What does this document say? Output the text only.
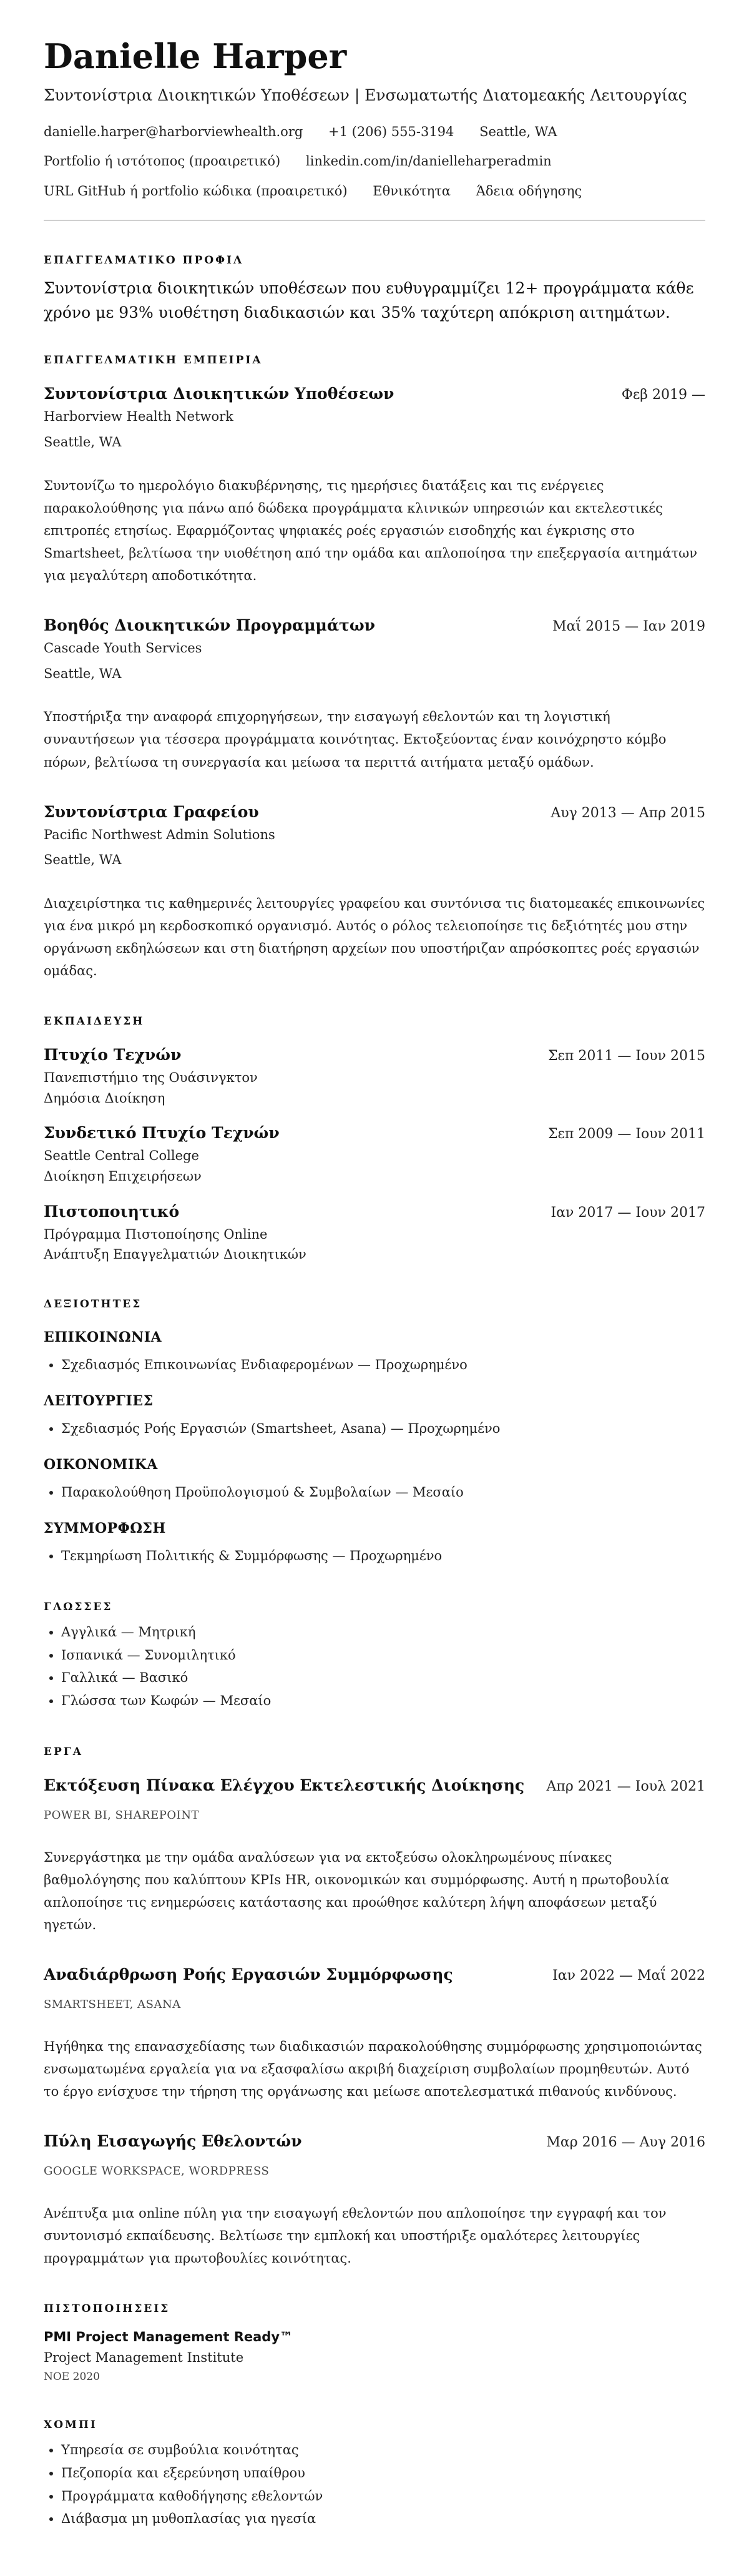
Danielle Harper
Συντονίστρια Διοικητικών Υποθέσεων | Ενσωματωτής Διατομεακής Λειτουργίας
danielle.harper@harborviewhealth.org +1 (206) 555-3194 Seattle, WA
Portfolio ή ιστότοπος (προαιρετικό) linkedin.com/in/danielleharperadmin
URL GitHub ή portfolio κώδικα (προαιρετικό) Εθνικότητα Άδεια οδήγησης
ΕΠΑΓΓΕΛΜΑΤΙΚΟ ΠΡΟΦΙΛ

Συντονίστρια διοικητικών υποθέσεων που ευθυγραμμίζει 12+ προγράμματα κάθε χρόνο με 93% υιοθέτηση διαδικασιών και 35% ταχύτερη απόκριση αιτημάτων.

ΕΠΑΓΓΕΛΜΑΤΙΚΗ ΕΜΠΕΙΡΙΑ
Συντονίστρια Διοικητικών Υποθέσεων	Φεβ 2019 —
Harborview Health Network
Seattle, WA

Συντονίζω το ημερολόγιο διακυβέρνησης, τις ημερήσιες διατάξεις και τις ενέργειες παρακολούθησης για πάνω από δώδεκα προγράμματα κλινικών υπηρεσιών και εκτελεστικές επιτροπές ετησίως. Εφαρμόζοντας ψηφιακές ροές εργασιών εισοδηχής και έγκρισης στο Smartsheet, βελτίωσα την υιοθέτηση από την ομάδα και απλοποίησα την επεξεργασία αιτημάτων για μεγαλύτερη αποδοτικότητα.

Βοηθός Διοικητικών Προγραμμάτων	Μαΐ 2015 — Ιαν 2019
Cascade Youth Services
Seattle, WA

Υποστήριξα την αναφορά επιχορηγήσεων, την εισαγωγή εθελοντών και τη λογιστική συναυτήσεων για τέσσερα προγράμματα κοινότητας. Εκτοξεύοντας έναν κοινόχρηστο κόμβο πόρων, βελτίωσα τη συνεργασία και μείωσα τα περιττά αιτήματα μεταξύ ομάδων.

Συντονίστρια Γραφείου	Αυγ 2013 — Απρ 2015
Pacific Northwest Admin Solutions
Seattle, WA

Διαχειρίστηκα τις καθημερινές λειτουργίες γραφείου και συντόνισα τις διατομεακές επικοινωνίες για ένα μικρό μη κερδοσκοπικό οργανισμό. Αυτός ο ρόλος τελειοποίησε τις δεξιότητές μου στην οργάνωση εκδηλώσεων και στη διατήρηση αρχείων που υποστήριζαν απρόσκοπτες ροές εργασιών ομάδας.

ΕΚΠΑΙΔΕΥΣΗ
Πτυχίο Τεχνών	Σεπ 2011 — Ιουν 2015
Πανεπιστήμιο της Ουάσινγκτον
Δημόσια Διοίκηση
Συνδετικό Πτυχίο Τεχνών	Σεπ 2009 — Ιουν 2011
Seattle Central College
Διοίκηση Επιχειρήσεων
Πιστοποιητικό	Ιαν 2017 — Ιουν 2017
Πρόγραμμα Πιστοποίησης Online
Ανάπτυξη Επαγγελματιών Διοικητικών
ΔΕΞΙΟΤΗΤΕΣ
ΕΠΙΚΟΙΝΩΝΙΑ
• Σχεδιασμός Επικοινωνίας Ενδιαφερομένων — Προχωρημένο
ΛΕΙΤΟΥΡΓΙΕΣ
• Σχεδιασμός Ροής Εργασιών (Smartsheet, Asana) — Προχωρημένο
ΟΙΚΟΝΟΜΙΚΑ
• Παρακολούθηση Προϋπολογισμού & Συμβολαίων — Μεσαίο
ΣΥΜΜΟΡΦΩΣΗ
• Τεκμηρίωση Πολιτικής & Συμμόρφωσης — Προχωρημένο
ΓΛΩΣΣΕΣ
• Αγγλικά — Μητρική
• Ισπανικά — Συνομιλητικό
• Γαλλικά — Βασικό
• Γλώσσα των Κωφών — Μεσαίο
ΕΡΓΑ
Εκτόξευση Πίνακα Ελέγχου Εκτελεστικής Διοίκησης Απρ 2021 — Ιουλ 2021
POWER BI, SHAREPOINT

Συνεργάστηκα με την ομάδα αναλύσεων για να εκτοξεύσω ολοκληρωμένους πίνακες βαθμολόγησης που καλύπτουν KPIs HR, οικονομικών και συμμόρφωσης. Αυτή η πρωτοβουλία απλοποίησε τις ενημερώσεις κατάστασης και προώθησε καλύτερη λήψη αποφάσεων μεταξύ ηγετών.

Αναδιάρθρωση Ροής Εργασιών Συμμόρφωσης	Ιαν 2022 — Μαΐ 2022
SMARTSHEET, ASANA

Ηγήθηκα της επανασχεδίασης των διαδικασιών παρακολούθησης συμμόρφωσης χρησιμοποιώντας ενσωματωμένα εργαλεία για να εξασφαλίσω ακριβή διαχείριση συμβολαίων προμηθευτών. Αυτό το έργο ενίσχυσε την τήρηση της οργάνωσης και μείωσε αποτελεσματικά πιθανούς κινδύνους.

Πύλη Εισαγωγής Εθελοντών	Μαρ 2016 — Αυγ 2016
GOOGLE WORKSPACE, WORDPRESS

Ανέπτυξα μια online πύλη για την εισαγωγή εθελοντών που απλοποίησε την εγγραφή και τον συντονισμό εκπαίδευσης. Βελτίωσε την εμπλοκή και υποστήριξε ομαλότερες λειτουργίες προγραμμάτων για πρωτοβουλίες κοινότητας.

ΠΙΣΤΟΠΟΙΗΣΕΙΣ
PMI Project Management Ready™
Project Management Institute
ΝΟΕ 2020
ΧΟΜΠΙ
• Υπηρεσία σε συμβούλια κοινότητας
• Πεζοπορία και εξερεύνηση υπαίθρου
• Προγράμματα καθοδήγησης εθελοντών
• Διάβασμα μη μυθοπλασίας για ηγεσία
